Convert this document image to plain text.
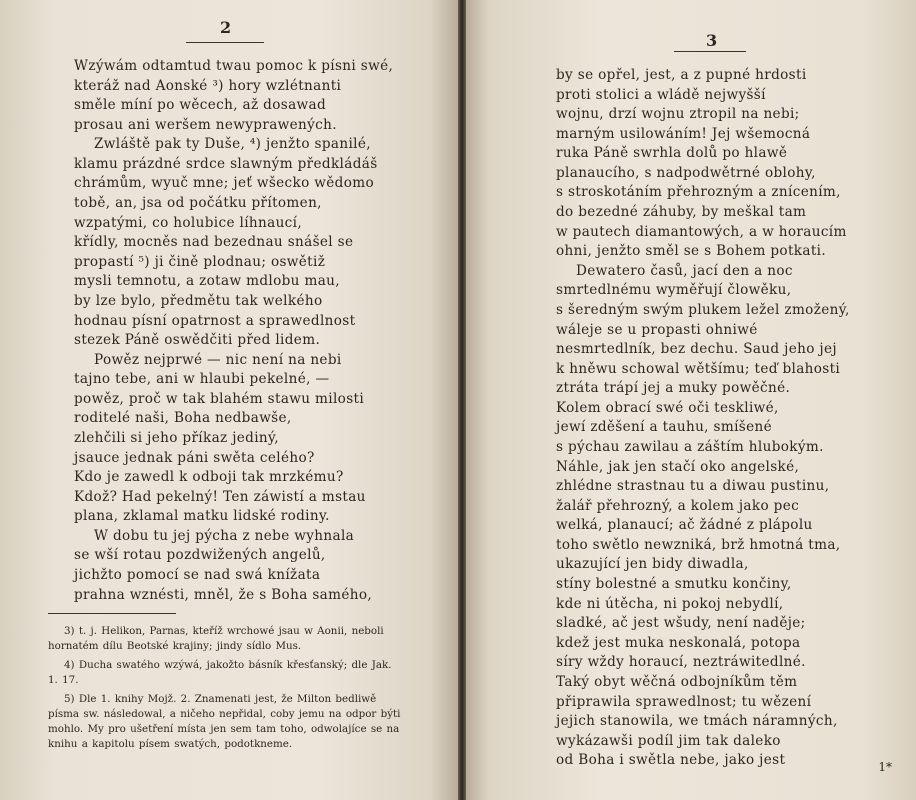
2
Wzýwám odtamtud twau pomoc k písni swé,
kteráž nad Aonské ³) hory wzlétnanti
směle míní po wěcech, až dosawad
prosau ani weršem newyprawených.
Zwláště pak ty Duše, ⁴) jenžto spanilé,
klamu prázdné srdce slawným předkládáš
chrámům, wyuč mne; jeť wšecko wědomo
tobě, an, jsa od počátku přítomen,
wzpatými, co holubice líhnaucí,
křídly, mocněs nad bezednau snášel se
propastí ⁵) ji čině plodnau; oswětiž
mysli temnotu, a zotaw mdlobu mau,
by lze bylo, předmětu tak welkého
hodnau písní opatrnost a sprawedlnost
stezek Páně oswědčiti před lidem.
Powěz nejprwé — nic není na nebi
tajno tebe, ani w hlaubi pekelné, —
powěz, proč w tak blahém stawu milosti
roditelé naši, Boha nedbawše,
zlehčili si jeho příkaz jediný,
jsauce jednak páni swěta celého?
Kdo je zawedl k odboji tak mrzkému?
Kdož? Had pekelný! Ten záwistí a mstau
plana, zklamal matku lidské rodiny.
W dobu tu jej pýcha z nebe wyhnala
se wší rotau pozdwižených angelů,
jichžto pomocí se nad swá knížata
prahna wznésti, mněl, že s Boha samého,
3) t. j. Helikon, Parnas, kteříž wrchowé jsau w Aonii, neboli
hornatém dílu Beotské krajiny; jindy sídlo Mus.
4) Ducha swatého wzýwá, jakožto básník křesťanský; dle Jak.
1. 17.
5) Dle 1. knihy Mojž. 2. Znamenati jest, že Milton bedliwě
písma sw. následowal, a ničeho nepřidal, coby jemu na odpor býti mohlo. My pro ušetření místa jen sem tam toho, odwolajíce se na knihu a kapitolu písem swatých, podotkneme.
3
1*
by se opřel, jest, a z pupné hrdosti
proti stolici a wládě nejwyšší
wojnu, drzí wojnu ztropil na nebi;
marným usilowáním! Jej wšemocná
ruka Páně swrhla dolů po hlawě
planaucího, s nadpodwětrné oblohy,
s stroskotáním přehrozným a znícením,
do bezedné záhuby, by meškal tam
w pautech diamantowých, a w horaucím
ohni, jenžto směl se s Bohem potkati.
Dewatero časů, jací den a noc
smrtedlnému wyměřují člowěku,
s šeredným swým plukem ležel zmožený,
wáleje se u propasti ohniwé
nesmrtedlník, bez dechu. Saud jeho jej
k hněwu schowal wětšímu; teď blahosti
ztráta trápí jej a muky powěčné.
Kolem obrací swé oči teskliwé,
jewí zděšení a tauhu, smíšené
s pýchau zawilau a záštím hlubokým.
Náhle, jak jen stačí oko angelské,
zhlédne strastnau tu a diwau pustinu,
žalář přehrozný, a kolem jako pec
welká, planaucí; ač žádné z plápolu
toho swětlo newzniká, brž hmotná tma,
ukazující jen bidy diwadla,
stíny bolestné a smutku končiny,
kde ni útěcha, ni pokoj nebydlí,
sladké, ač jest wšudy, není naděje;
kdež jest muka neskonalá, potopa
síry wždy horaucí, neztráwitedlné.
Taký obyt wěčná odbojníkům těm
připrawila sprawedlnost; tu wězení
jejich stanowila, we tmách náramných,
wykázawši podíl jim tak daleko
od Boha i swětla nebe, jako jest
